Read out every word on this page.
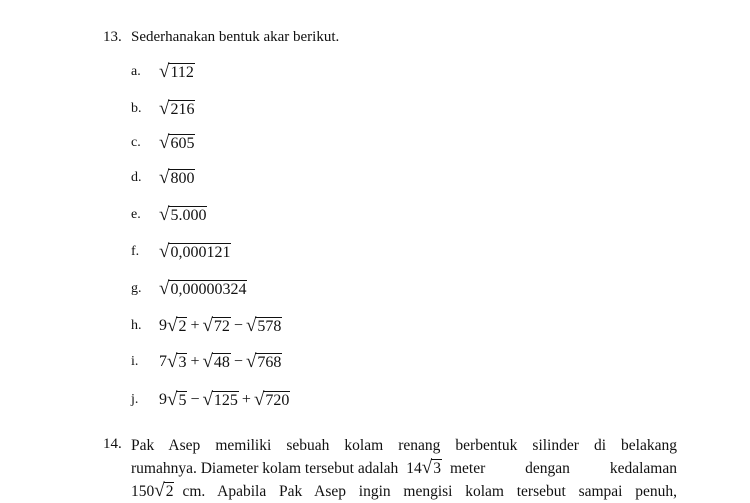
13. Sederhanakan bentuk akar berikut.
a. √ 112
b. √ 216
c. √ 605
d. √ 800
e. √ 5.000
f.	√ 0,000121
g. √ 0,00000324
h.	9 √ 2 + √ 72 − √ 578
i.	7 √ 3 + √ 48 − √ 768
j.	9 √ 5 − √ 125 + √ 720
14. Pak Asep memiliki sebuah kolam renang berbentuk silinder di belakang
rumahnya. Diameter kolam tersebut adalah 14 √ 3 meter dengan kedalaman
150 √ 2 cm. Apabila Pak Asep ingin mengisi kolam tersebut sampai penuh,
